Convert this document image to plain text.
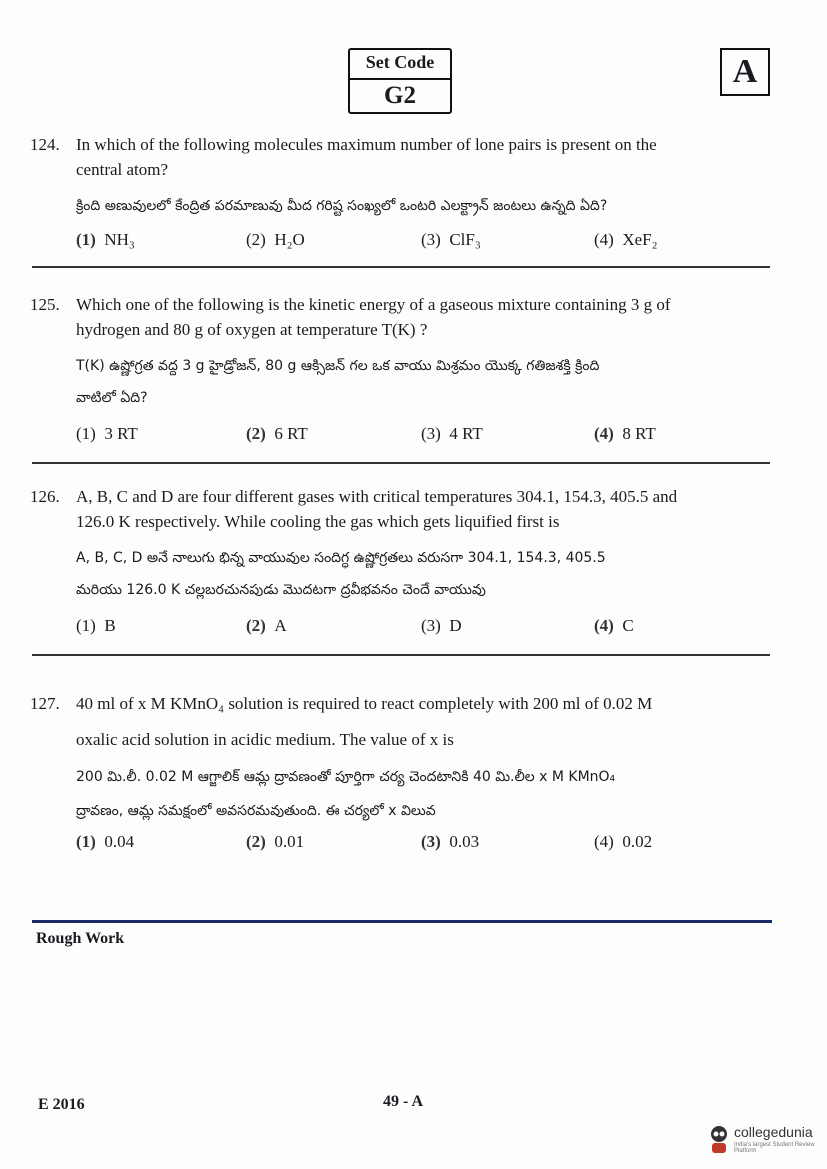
Set Code
G2
A
124. In which of the following molecules maximum number of lone pairs is present on the
central atom?
క్రింది అణువులలో కేంద్రిత పరమాణువు మీద గరిష్ట సంఖ్యలో ఒంటరి ఎలక్ట్రాన్ జంటలు ఉన్నది ఏది?
(1) NH₃	(2) H₂O	(3) ClF₃	(4) XeF₂
125. Which one of the following is the kinetic energy of a gaseous mixture containing 3 g of
hydrogen and 80 g of oxygen at temperature T(K) ?
T(K) ఉష్ణోగ్రత వద్ద 3 g హైడ్రోజన్, 80 g ఆక్సిజన్ గల ఒక వాయు మిశ్రమం యొక్క గతిజశక్తి క్రింది
వాటిలో ఏది?
(1) 3 RT	(2) 6 RT	(3) 4 RT	(4) 8 RT
126. A, B, C and D are four different gases with critical temperatures 304.1, 154.3, 405.5 and
126.0 K respectively. While cooling the gas which gets liquified first is
A, B, C, D అనే నాలుగు భిన్న వాయువుల సందిగ్ధ ఉష్ణోగ్రతలు వరుసగా 304.1, 154.3, 405.5
మరియు 126.0 K చల్లబరచునపుడు మొదటగా ద్రవీభవనం చెందే వాయువు
(1) B	(2) A	(3) D	(4) C
127. 40 ml of x M KMnO₄ solution is required to react completely with 200 ml of 0.02 M
oxalic acid solution in acidic medium. The value of x is
200 మి.లీ. 0.02 M ఆగ్జాలిక్ ఆమ్ల ద్రావణంతో పూర్తిగా చర్య చెందటానికి 40 మి.లీల x M KMnO₄
ద్రావణం, ఆమ్ల సమక్షంలో అవసరమవుతుంది. ఈ చర్యలో x విలువ
(1) 0.04	(2) 0.01	(3) 0.03	(4) 0.02
Rough Work
E 2016	49 - A
collegedunia
India's largest Student Review Platform
